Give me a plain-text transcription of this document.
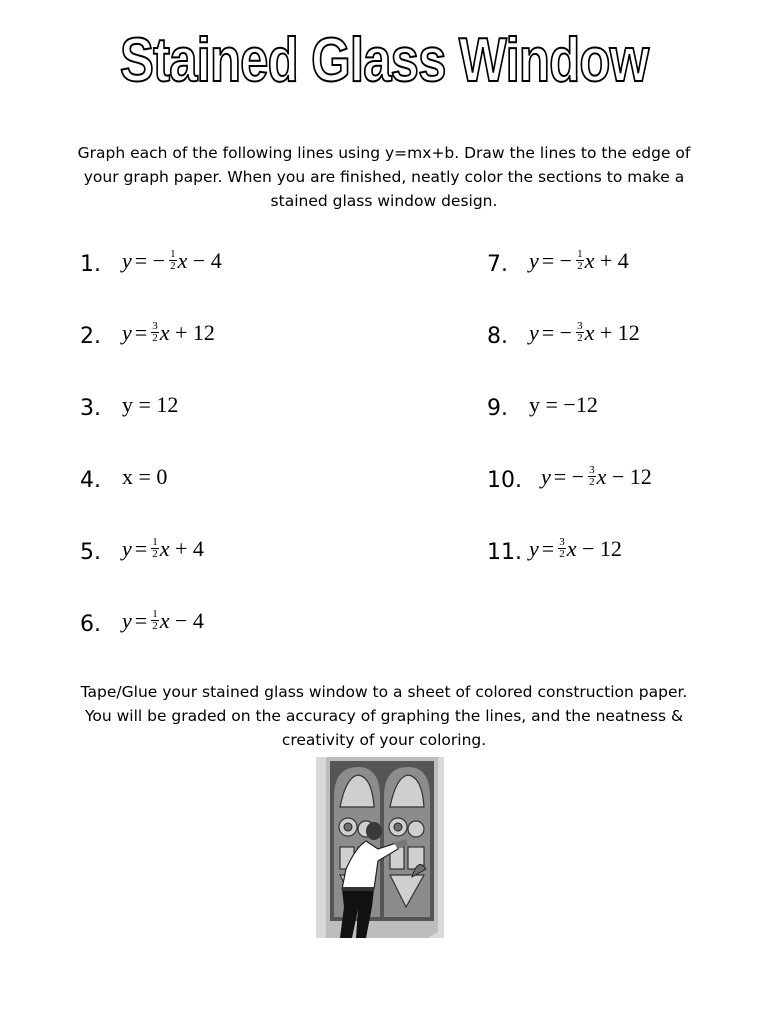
Stained Glass Window
Graph each of the following lines using y=mx+b. Draw the lines to the edge of your graph paper. When you are finished, neatly color the sections to make a stained glass window design.
1. y = − $\frac{1}{2}$ x − 4
2. $y = \frac{3}{2}$ x + 12
3. y = 12
4. x = 0
5. $y = \frac{1}{2}$ x + 4
6. $y = \frac{1}{2}$ x − 4
7. y = − $\frac{1}{2}$ x + 4
8. y = − $\frac{3}{2}$ x + 12
9. y = −12
10. y = − $\frac{3}{2}$ x − 12
11. $y = \frac{3}{2}$ x − 12
Tape/Glue your stained glass window to a sheet of colored construction paper. You will be graded on the accuracy of graphing the lines, and the neatness & creativity of your coloring.
